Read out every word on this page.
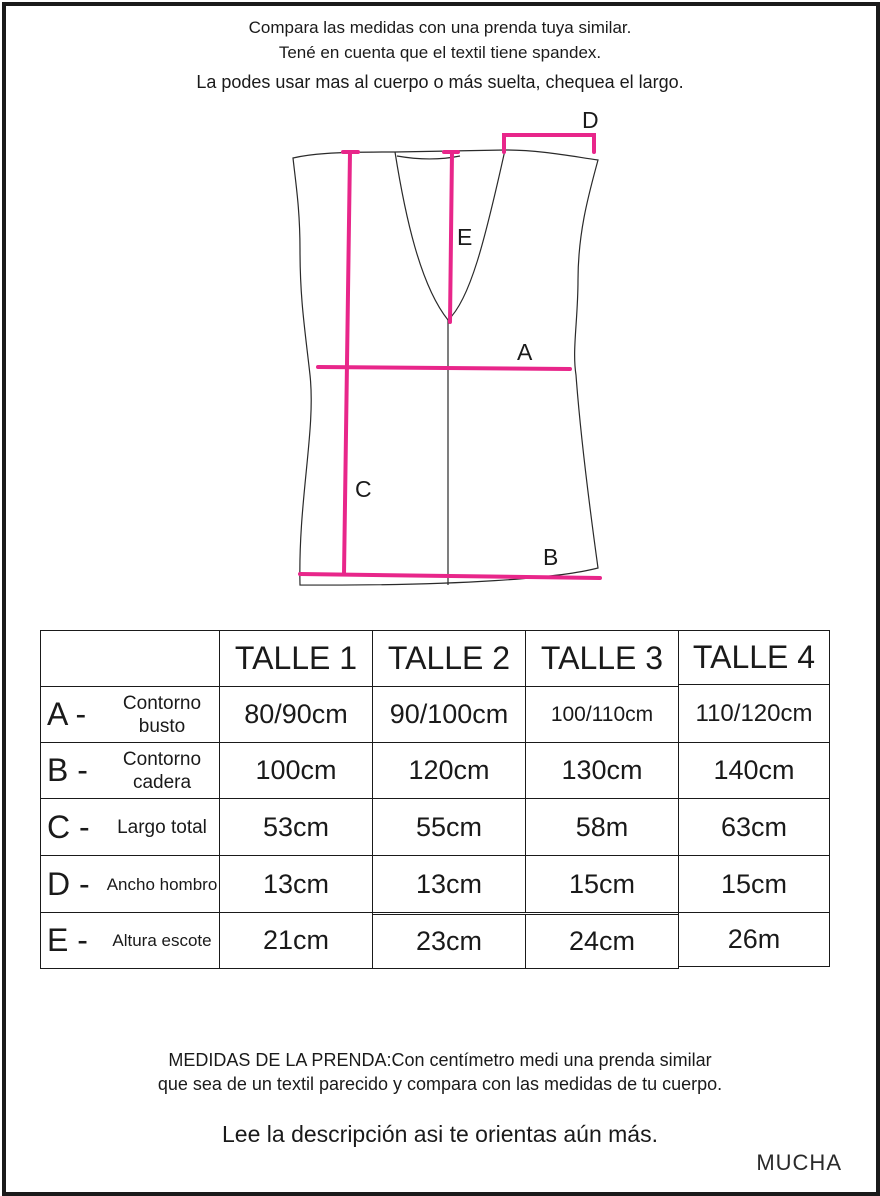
Compara las medidas con una prenda tuya similar.
Tené en cuenta que el textil tiene spandex.
La podes usar mas al cuerpo o más suelta, chequea el largo.
A
B
C
D
E
TALLE 1 TALLE 2 TALLE 3 TALLE 4
A -	Contorno busto	80/90cm	90/100cm	100/110cm	110/120cm
B -	Contorno cadera	100cm	120cm	130cm	140cm
C -	Largo total	53cm	55cm	58m	63cm
D -	Ancho hombro	13cm	13cm	15cm	15cm
E -	Altura escote	21cm	23cm	24cm	26m
MEDIDAS DE LA PRENDA:Con centímetro medi una prenda similar
que sea de un textil parecido y compara con las medidas de tu cuerpo.
Lee la descripción asi te orientas aún más.
MUCHA
